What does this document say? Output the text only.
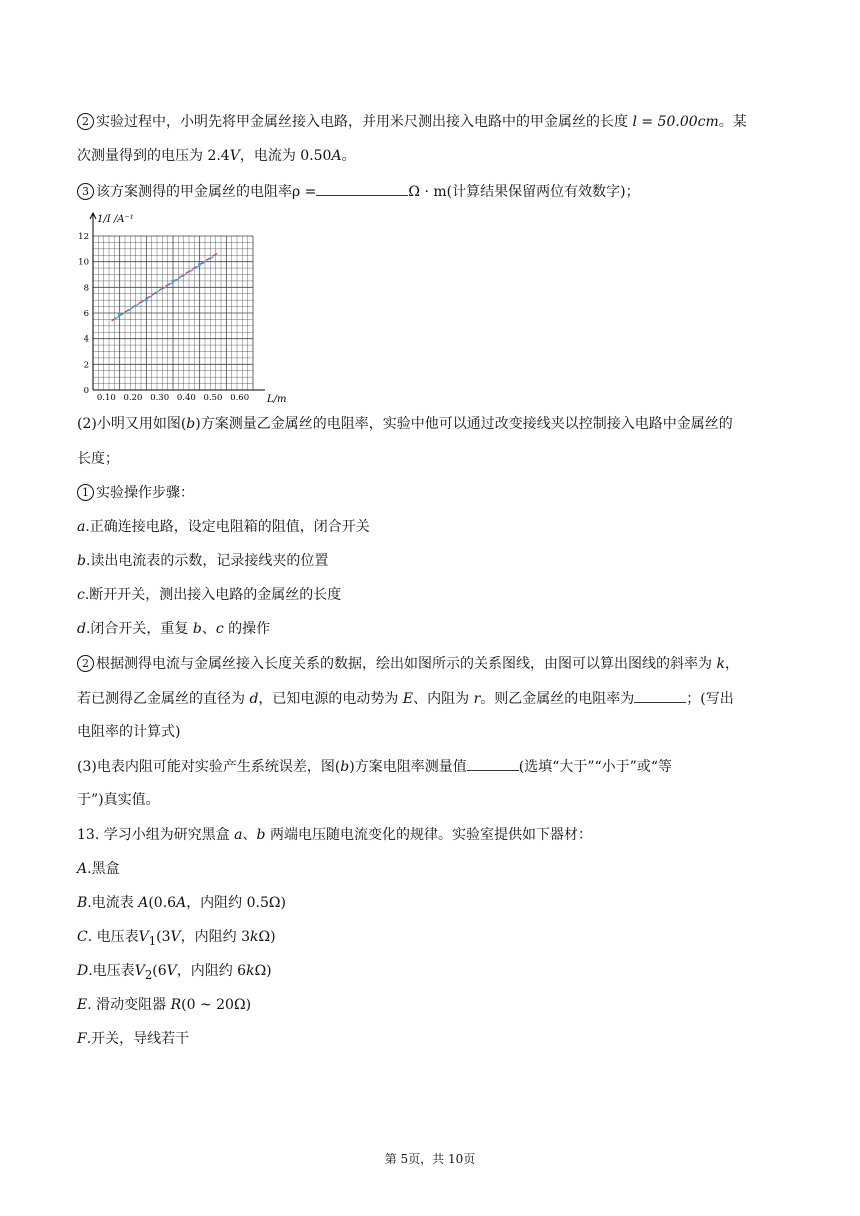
2 实验过程中，小明先将甲金属丝接入电路，并用米尺测出接入电路中的甲金属丝的长度 l = 50.00cm。某
次测量得到的电压为 2.4V，电流为 0.50A。
3 该方案测得的甲金属丝的电阻率ρ =	Ω · m(计算结果保留两位有效数字)；
0.10 0.20 0.30 0.40 0.50 0.60
0
2
4
6
8
10
12
1/I /A⁻¹
L/m
(2)小明又用如图(b)方案测量乙金属丝的电阻率，实验中他可以通过改变接线夹以控制接入电路中金属丝的
长度；
1 实验操作步骤：
a.正确连接电路，设定电阻箱的阻值，闭合开关
b.读出电流表的示数，记录接线夹的位置
c.断开开关，测出接入电路的金属丝的长度
d.闭合开关，重复 b、c 的操作
2 根据测得电流与金属丝接入长度关系的数据，绘出如图所示的关系图线，由图可以算出图线的斜率为 k，
若已测得乙金属丝的直径为 d，已知电源的电动势为 E、内阻为 r。则乙金属丝的电阻率为	；(写出
电阻率的计算式)
(3)电表内阻可能对实验产生系统误差，图(b)方案电阻率测量值	(选填“大于”“小于”或“等
于”)真实值。
13. 学习小组为研究黑盒 a、b 两端电压随电流变化的规律。实验室提供如下器材：
A.黑盒
B.电流表 A(0.6A，内阻约 0.5Ω)
C. 电压表$V_1(3V$，内阻约 3kΩ)
D.电压表$V_2(6V$，内阻约 6kΩ)
E. 滑动变阻器 R(0 ~ 20Ω)
F.开关，导线若干
第 5页，共 10页
